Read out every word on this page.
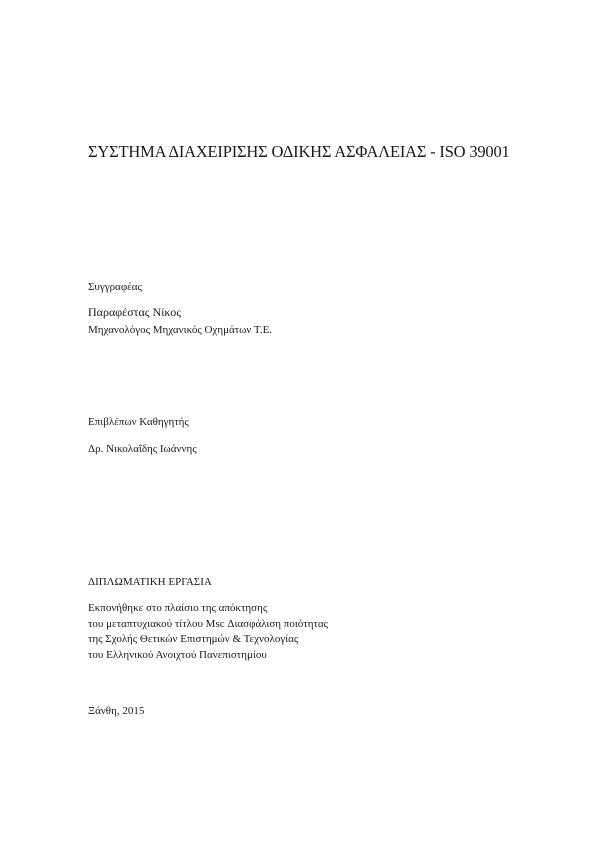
ΣΥΣΤΗΜΑ ΔΙΑΧΕΙΡΙΣΗΣ ΟΔΙΚΗΣ ΑΣΦΑΛΕΙΑΣ - ISO 39001

Συγγραφέας

Παραφέστας Νίκος

Μηχανολόγος Μηχανικός Οχημάτων Τ.Ε.

Επιβλέπων Καθηγητής

Δρ. Νικολαΐδης Ιωάννης

ΔΙΠΛΩΜΑΤΙΚΗ ΕΡΓΑΣΙΑ

Εκπονήθηκε στο πλαίσιο της απόκτησης
του μεταπτυχιακού τίτλου Msc Διασφάλιση ποιότητας
της Σχολής Θετικών Επιστημών & Τεχνολογίας
του Ελληνικού Ανοιχτού Πανεπιστημίου

Ξάνθη, 2015
